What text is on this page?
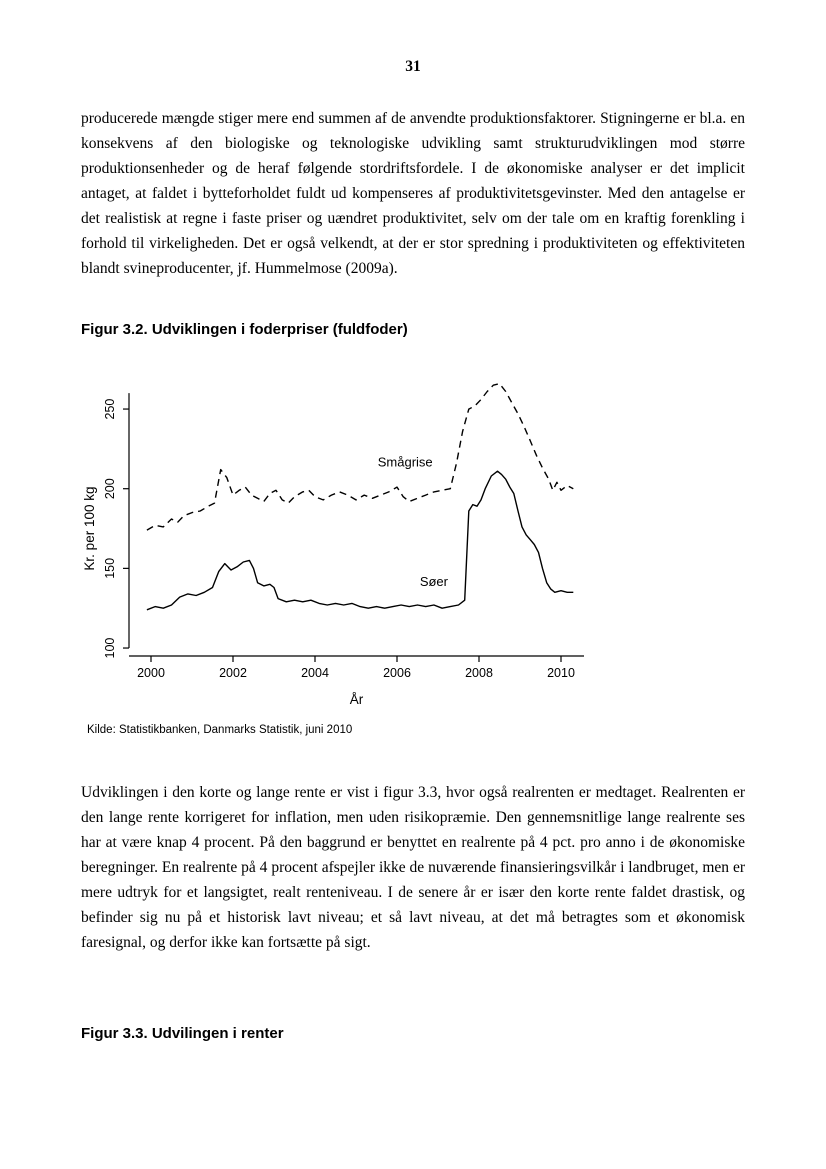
31

producerede mængde stiger mere end summen af de anvendte produktionsfaktorer. Stigningerne er bl.a. en konsekvens af den biologiske og teknologiske udvikling samt strukturudviklingen mod større produktionsenheder og de heraf følgende stordriftsfordele. I de økonomiske analyser er det implicit antaget, at faldet i bytteforholdet fuldt ud kompenseres af produktivitetsgevinster. Med den antagelse er det realistisk at regne i faste priser og uændret produktivitet, selv om der tale om en kraftig forenkling i forhold til virkeligheden. Det er også velkendt, at der er stor spredning i produktiviteten og effektiviteten blandt svineproducenter, jf. Hummelmose (2009a).

Figur 3.2. Udviklingen i foderpriser (fuldfoder)
100
150
200
250
2000	2002	2004	2006	2008	2010
År
Kr. per 100 kg
Smågrise
Søer
Kilde: Statistikbanken, Danmarks Statistik, juni 2010

Udviklingen i den korte og lange rente er vist i figur 3.3, hvor også realrenten er medtaget. Realrenten er den lange rente korrigeret for inflation, men uden risikopræmie. Den gennemsnitlige lange realrente ses har at være knap 4 procent. På den baggrund er benyttet en realrente på 4 pct. pro anno i de økonomiske beregninger. En realrente på 4 procent afspejler ikke de nuværende finansieringsvilkår i landbruget, men er mere udtryk for et langsigtet, realt renteniveau. I de senere år er især den korte rente faldet drastisk, og befinder sig nu på et historisk lavt niveau; et så lavt niveau, at det må betragtes som et økonomisk faresignal, og derfor ikke kan fortsætte på sigt.

Figur 3.3. Udvilingen i renter
